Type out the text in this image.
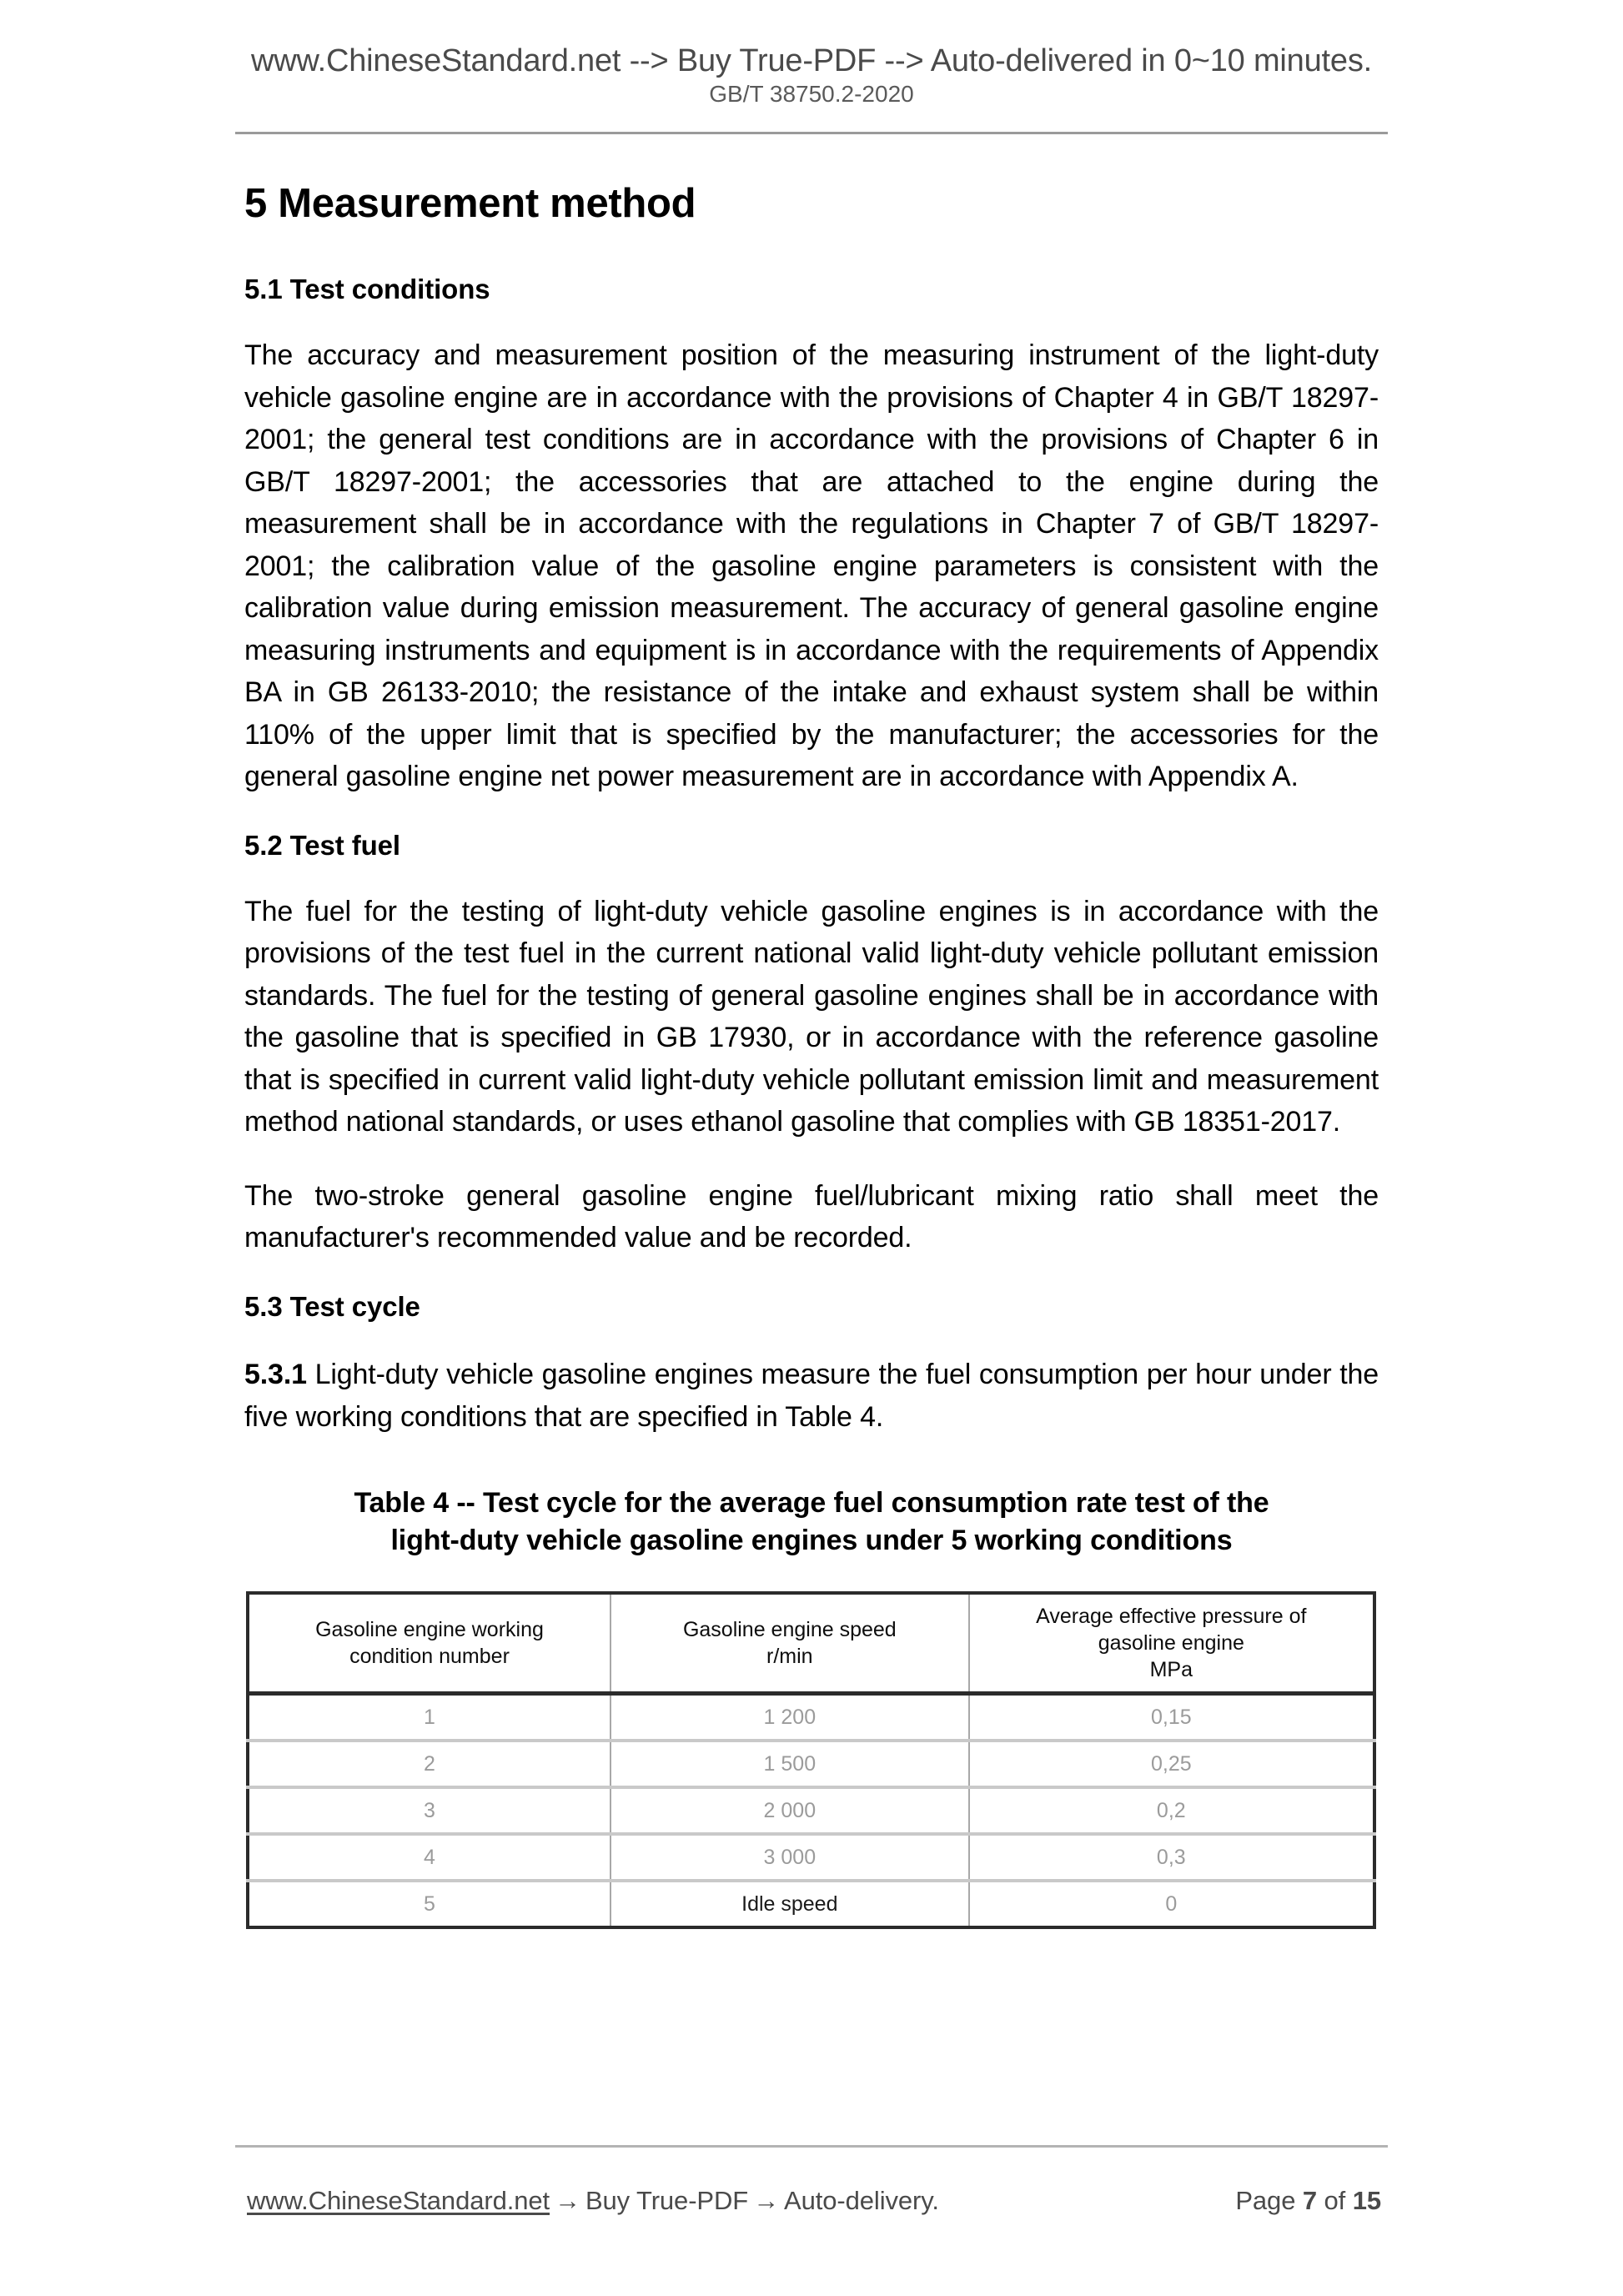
www.ChineseStandard.net --> Buy True-PDF --> Auto-delivered in 0~10 minutes.
GB/T 38750.2-2020
5 Measurement method
5.1 Test conditions

The accuracy and measurement position of the measuring instrument of the light-duty vehicle gasoline engine are in accordance with the provisions of Chapter 4 in GB/T 18297-2001; the general test conditions are in accordance with the provisions of Chapter 6 in GB/T 18297-2001; the accessories that are attached to the engine during the measurement shall be in accordance with the regulations in Chapter 7 of GB/T 18297-2001; the calibration value of the gasoline engine parameters is consistent with the calibration value during emission measurement. The accuracy of general gasoline engine measuring instruments and equipment is in accordance with the requirements of Appendix BA in GB 26133-2010; the resistance of the intake and exhaust system shall be within 110% of the upper limit that is specified by the manufacturer; the accessories for the general gasoline engine net power measurement are in accordance with Appendix A.

5.2 Test fuel

The fuel for the testing of light-duty vehicle gasoline engines is in accordance with the provisions of the test fuel in the current national valid light-duty vehicle pollutant emission standards. The fuel for the testing of general gasoline engines shall be in accordance with the gasoline that is specified in GB 17930, or in accordance with the reference gasoline that is specified in current valid light-duty vehicle pollutant emission limit and measurement method national standards, or uses ethanol gasoline that complies with GB 18351-2017.

The two-stroke general gasoline engine fuel/lubricant mixing ratio shall meet the manufacturer's recommended value and be recorded.

5.3 Test cycle

5.3.1 Light-duty vehicle gasoline engines measure the fuel consumption per hour under the five working conditions that are specified in Table 4.

Table 4 -- Test cycle for the average fuel consumption rate test of the
light-duty vehicle gasoline engines under 5 working conditions
Gasoline engine working
condition number

Gasoline engine speed
r/min

Average effective pressure of
gasoline engine
MPa

1	1 200	0,15
2	1 500	0,25
3	2 000	0,2
4	3 000	0,3
5	Idle speed	0
www.ChineseStandard.net → Buy True-PDF → Auto-delivery.	Page 7 of 15
